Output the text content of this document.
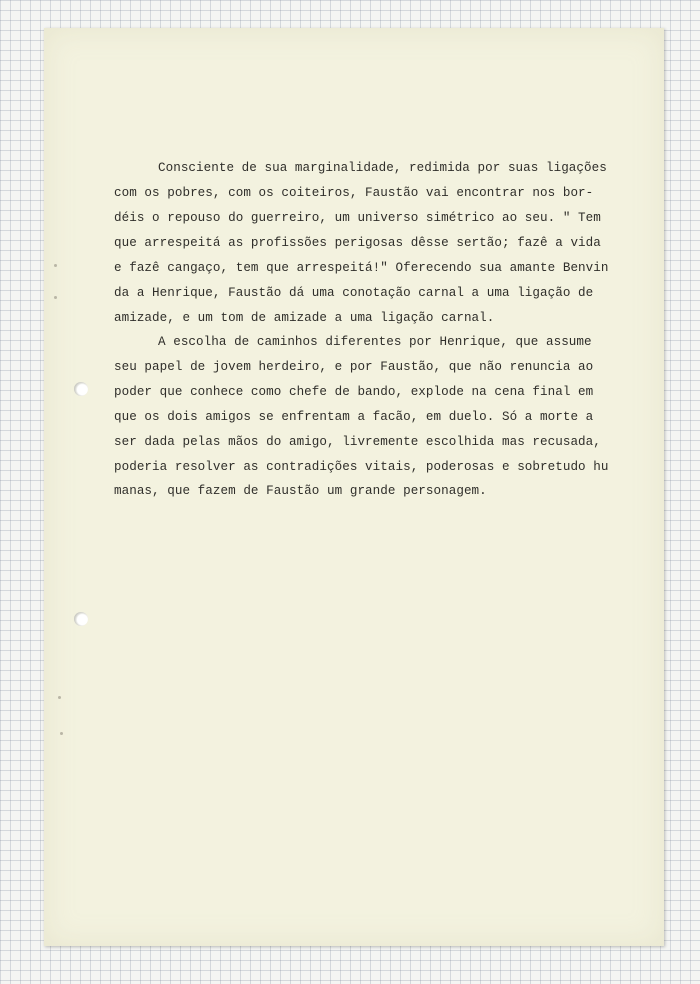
Consciente de sua marginalidade, redimida por suas ligações
com os pobres, com os coiteiros, Faustão vai encontrar nos bor-
déis o repouso do guerreiro, um universo simétrico ao seu. " Tem
que arrespeitá as profissões perigosas dêsse sertão; fazê a vida
e fazê cangaço, tem que arrespeitá!" Oferecendo sua amante Benvin
da a Henrique, Faustão dá uma conotação carnal a uma ligação de
amizade, e um tom de amizade a uma ligação carnal.
A escolha de caminhos diferentes por Henrique, que assume
seu papel de jovem herdeiro, e por Faustão, que não renuncia ao
poder que conhece como chefe de bando, explode na cena final em
que os dois amigos se enfrentam a facão, em duelo. Só a morte a
ser dada pelas mãos do amigo, livremente escolhida mas recusada,
poderia resolver as contradições vitais, poderosas e sobretudo hu
manas, que fazem de Faustão um grande personagem.
